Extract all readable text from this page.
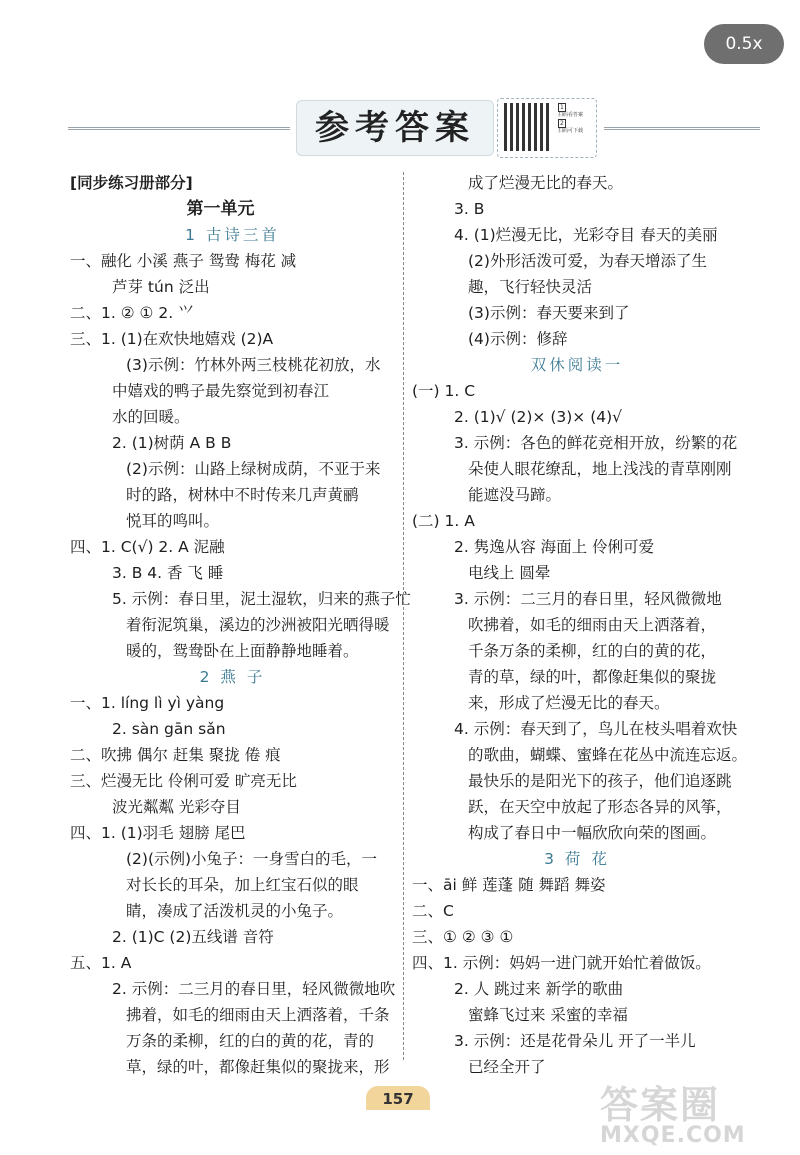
0.5x
参考答案
1
扫码看答案
2
扫码可下载
[同步练习册部分]
第一单元
1 古诗三首
一、融化 小溪 燕子 鸳鸯 梅花 减
芦芽 tún 泛出
二、1. ② ① 2. ⺍
三、1. (1)在欢快地嬉戏 (2)A
(3)示例：竹林外两三枝桃花初放，水
中嬉戏的鸭子最先察觉到初春江
水的回暖。
2. (1)树荫 A B B
(2)示例：山路上绿树成荫，不亚于来
时的路，树林中不时传来几声黄鹂
悦耳的鸣叫。
四、1. C(√) 2. A 泥融
3. B 4. 香 飞 睡
5. 示例：春日里，泥土湿软，归来的燕子忙
着衔泥筑巢，溪边的沙洲被阳光晒得暖
暖的，鸳鸯卧在上面静静地睡着。
2 燕 子
一、1. líng lì yì yàng
2. sàn gān sǎn
二、吹拂 偶尔 赶集 聚拢 倦 痕
三、烂漫无比 伶俐可爱 旷亮无比
波光粼粼 光彩夺目
四、1. (1)羽毛 翅膀 尾巴
(2)(示例)小兔子：一身雪白的毛，一
对长长的耳朵，加上红宝石似的眼
睛，凑成了活泼机灵的小兔子。
2. (1)C (2)五线谱 音符
五、1. A
2. 示例：二三月的春日里，轻风微微地吹
拂着，如毛的细雨由天上洒落着，千条
万条的柔柳，红的白的黄的花，青的
草，绿的叶，都像赶集似的聚拢来，形
成了烂漫无比的春天。
3. B
4. (1)烂漫无比，光彩夺目 春天的美丽
(2)外形活泼可爱，为春天增添了生
趣，飞行轻快灵活
(3)示例：春天要来到了
(4)示例：修辞
双休阅读一
(一) 1. C
2. (1)√ (2)× (3)× (4)√
3. 示例：各色的鲜花竞相开放，纷繁的花
朵使人眼花缭乱，地上浅浅的青草刚刚
能遮没马蹄。
(二) 1. A
2. 隽逸从容 海面上 伶俐可爱
电线上 圆晕
3. 示例：二三月的春日里，轻风微微地
吹拂着，如毛的细雨由天上洒落着，
千条万条的柔柳，红的白的黄的花，
青的草，绿的叶，都像赶集似的聚拢
来，形成了烂漫无比的春天。
4. 示例：春天到了，鸟儿在枝头唱着欢快
的歌曲，蝴蝶、蜜蜂在花丛中流连忘返。
最快乐的是阳光下的孩子，他们追逐跳
跃，在天空中放起了形态各异的风筝，
构成了春日中一幅欣欣向荣的图画。
3 荷 花
一、āi 鲜 莲蓬 随 舞蹈 舞姿
二、C
三、① ② ③ ①
四、1. 示例：妈妈一进门就开始忙着做饭。
2. 人 跳过来 新学的歌曲
蜜蜂飞过来 采蜜的幸福
3. 示例：还是花骨朵儿 开了一半儿
已经全开了
157	答案圈
MXQE.COM
